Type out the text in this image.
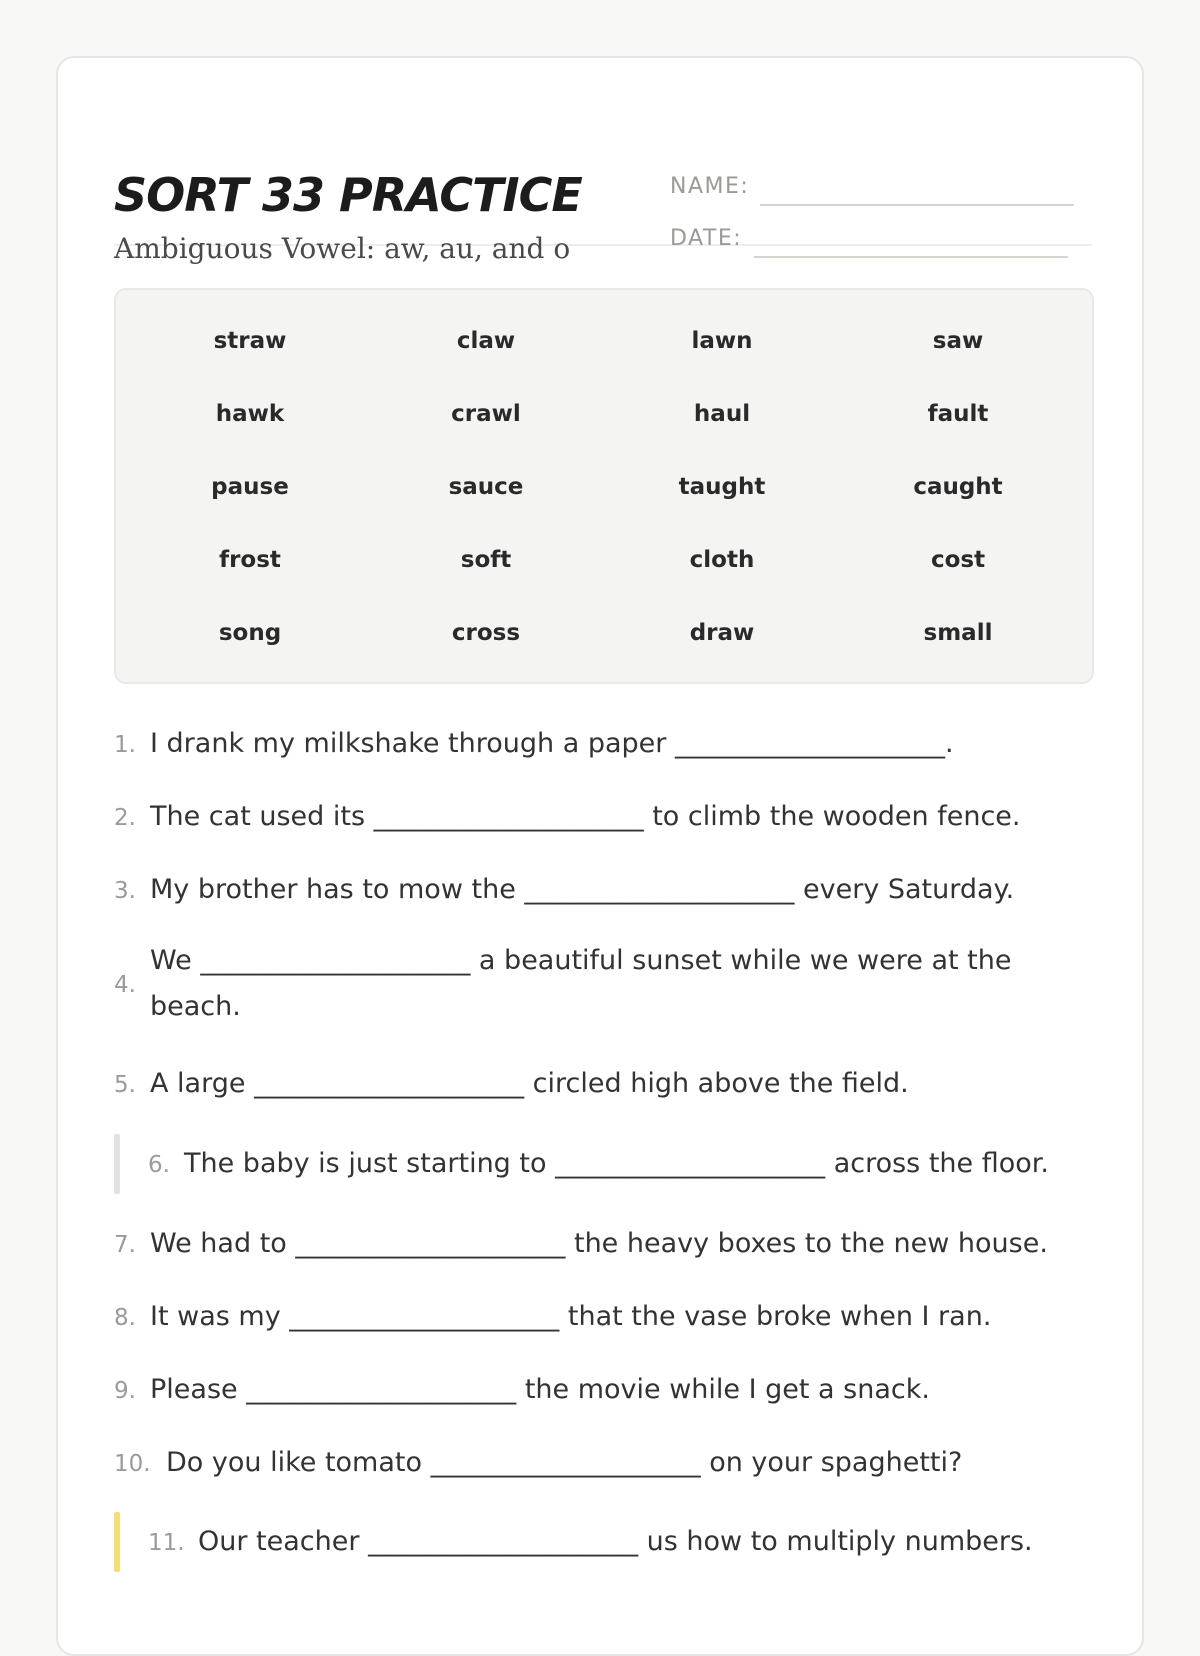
SORT 33 PRACTICE
Ambiguous Vowel: aw, au, and o
NAME:
DATE:
straw	claw	lawn	saw
hawk	crawl	haul	fault
pause	sauce	taught	caught
frost	soft	cloth	cost
song	cross	draw	small
1. I drank my milkshake through a paper ____________________.
2. The cat used its ____________________ to climb the wooden fence.
3. My brother has to mow the ____________________ every Saturday.
4.
We ____________________ a beautiful sunset while we were at the beach.
5. A large ____________________ circled high above the field.
6. The baby is just starting to ____________________ across the floor.
7. We had to ____________________ the heavy boxes to the new house.
8. It was my ____________________ that the vase broke when I ran.
9. Please ____________________ the movie while I get a snack.
10. Do you like tomato ____________________ on your spaghetti?
11. Our teacher ____________________ us how to multiply numbers.
